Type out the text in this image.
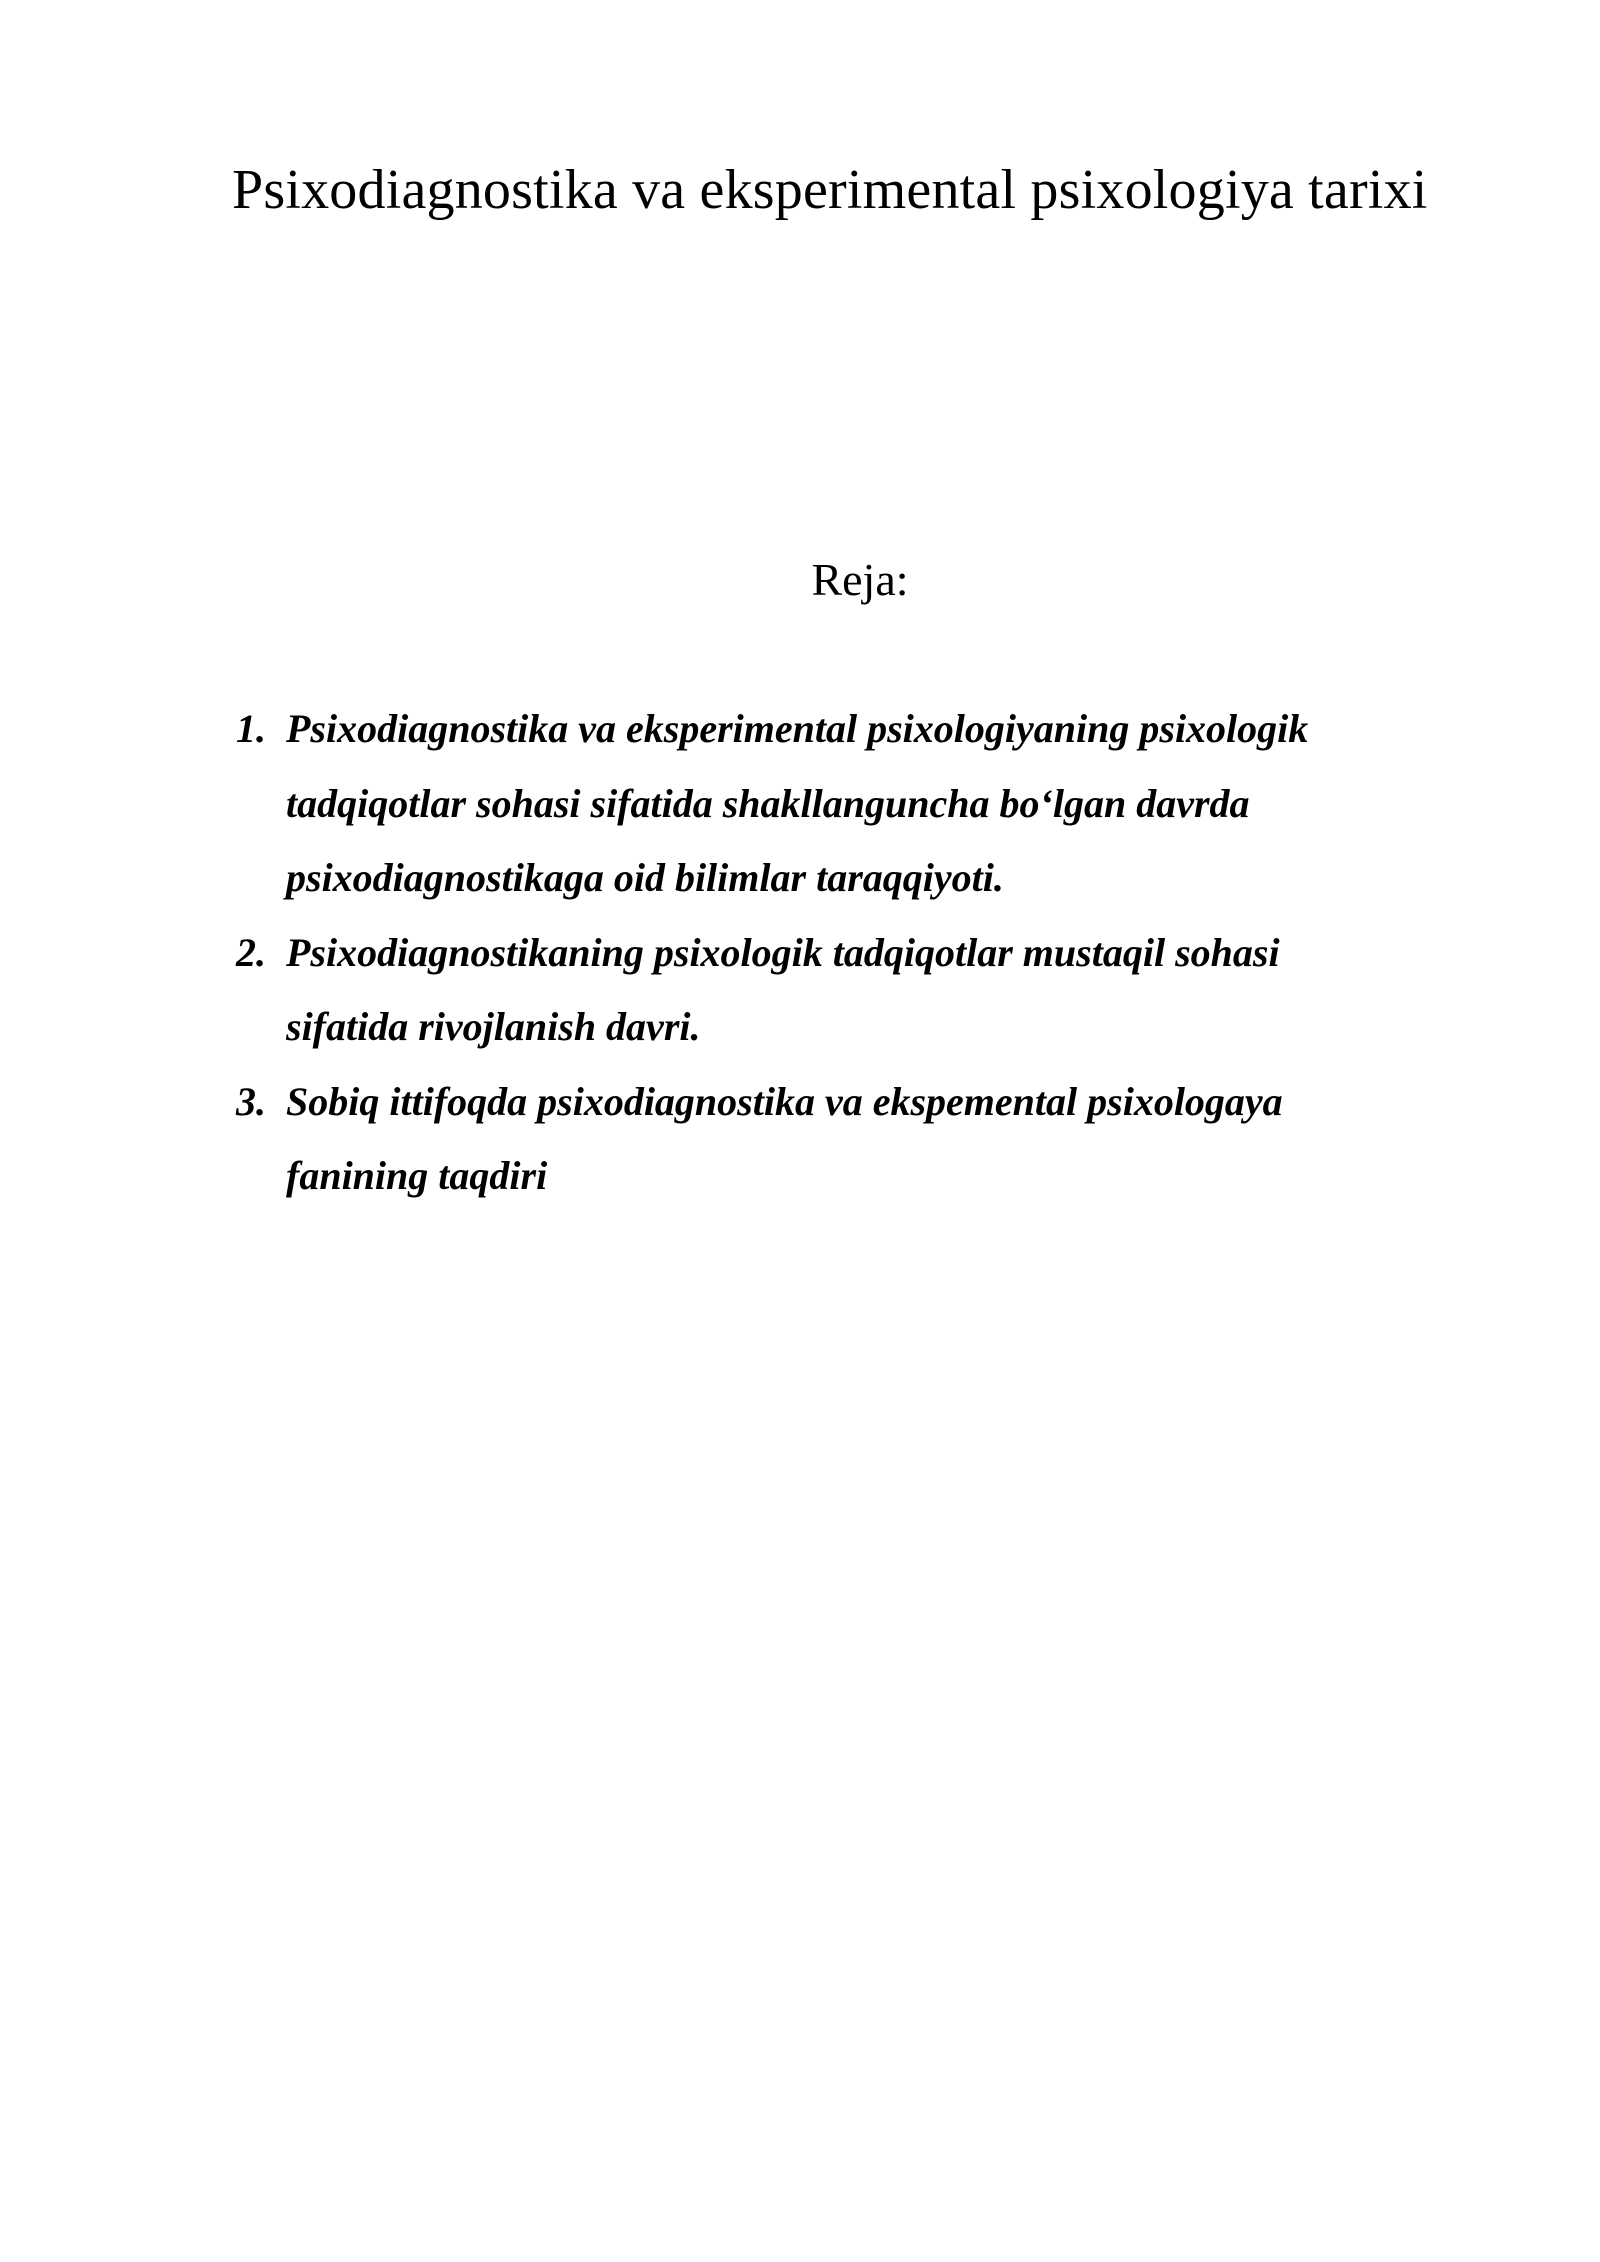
Psixodiagnostika va eksperimental psixologiya tarixi
Reja:
1. Psixodiagnostika va eksperimental psixologiyaning psixologik
tadqiqotlar sohasi sifatida shakllanguncha bo‘lgan davrda
psixodiagnostikaga oid bilimlar taraqqiyoti.
2. Psixodiagnostikaning psixologik tadqiqotlar mustaqil sohasi
sifatida rivojlanish davri.
3. Sobiq ittifoqda psixodiagnostika va ekspemental psixologaya
fanining taqdiri
